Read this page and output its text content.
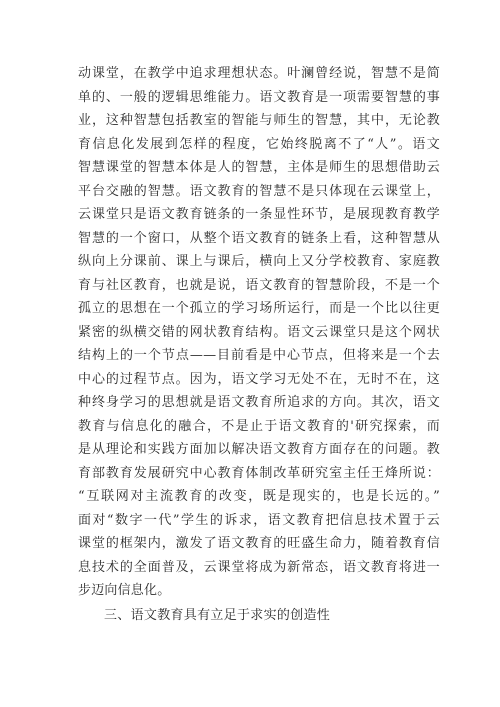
动课堂，在教学中追求理想状态。叶澜曾经说，智慧不是简
单的、一般的逻辑思维能力。语文教育是一项需要智慧的事
业，这种智慧包括教室的智能与师生的智慧，其中，无论教
育信息化发展到怎样的程度，它始终脱离不了“人”。语文
智慧课堂的智慧本体是人的智慧，主体是师生的思想借助云
平台交融的智慧。语文教育的智慧不是只体现在云课堂上，
云课堂只是语文教育链条的一条显性环节，是展现教育教学
智慧的一个窗口，从整个语文教育的链条上看，这种智慧从
纵向上分课前、课上与课后，横向上又分学校教育、家庭教
育与社区教育，也就是说，语文教育的智慧阶段，不是一个
孤立的思想在一个孤立的学习场所运行，而是一个比以往更
紧密的纵横交错的网状教育结构。语文云课堂只是这个网状
结构上的一个节点——目前看是中心节点，但将来是一个去
中心的过程节点。因为，语文学习无处不在，无时不在，这
种终身学习的思想就是语文教育所追求的方向。其次，语文
教育与信息化的融合，不是止于语文教育的'研究探索，而
是从理论和实践方面加以解决语文教育方面存在的问题。教
育部教育发展研究中心教育体制改革研究室主任王烽所说：
“互联网对主流教育的改变，既是现实的，也是长远的。”
面对“数字一代”学生的诉求，语文教育把信息技术置于云
课堂的框架内，激发了语文教育的旺盛生命力，随着教育信
息技术的全面普及，云课堂将成为新常态，语文教育将进一
步迈向信息化。
三、语文教育具有立足于求实的创造性
